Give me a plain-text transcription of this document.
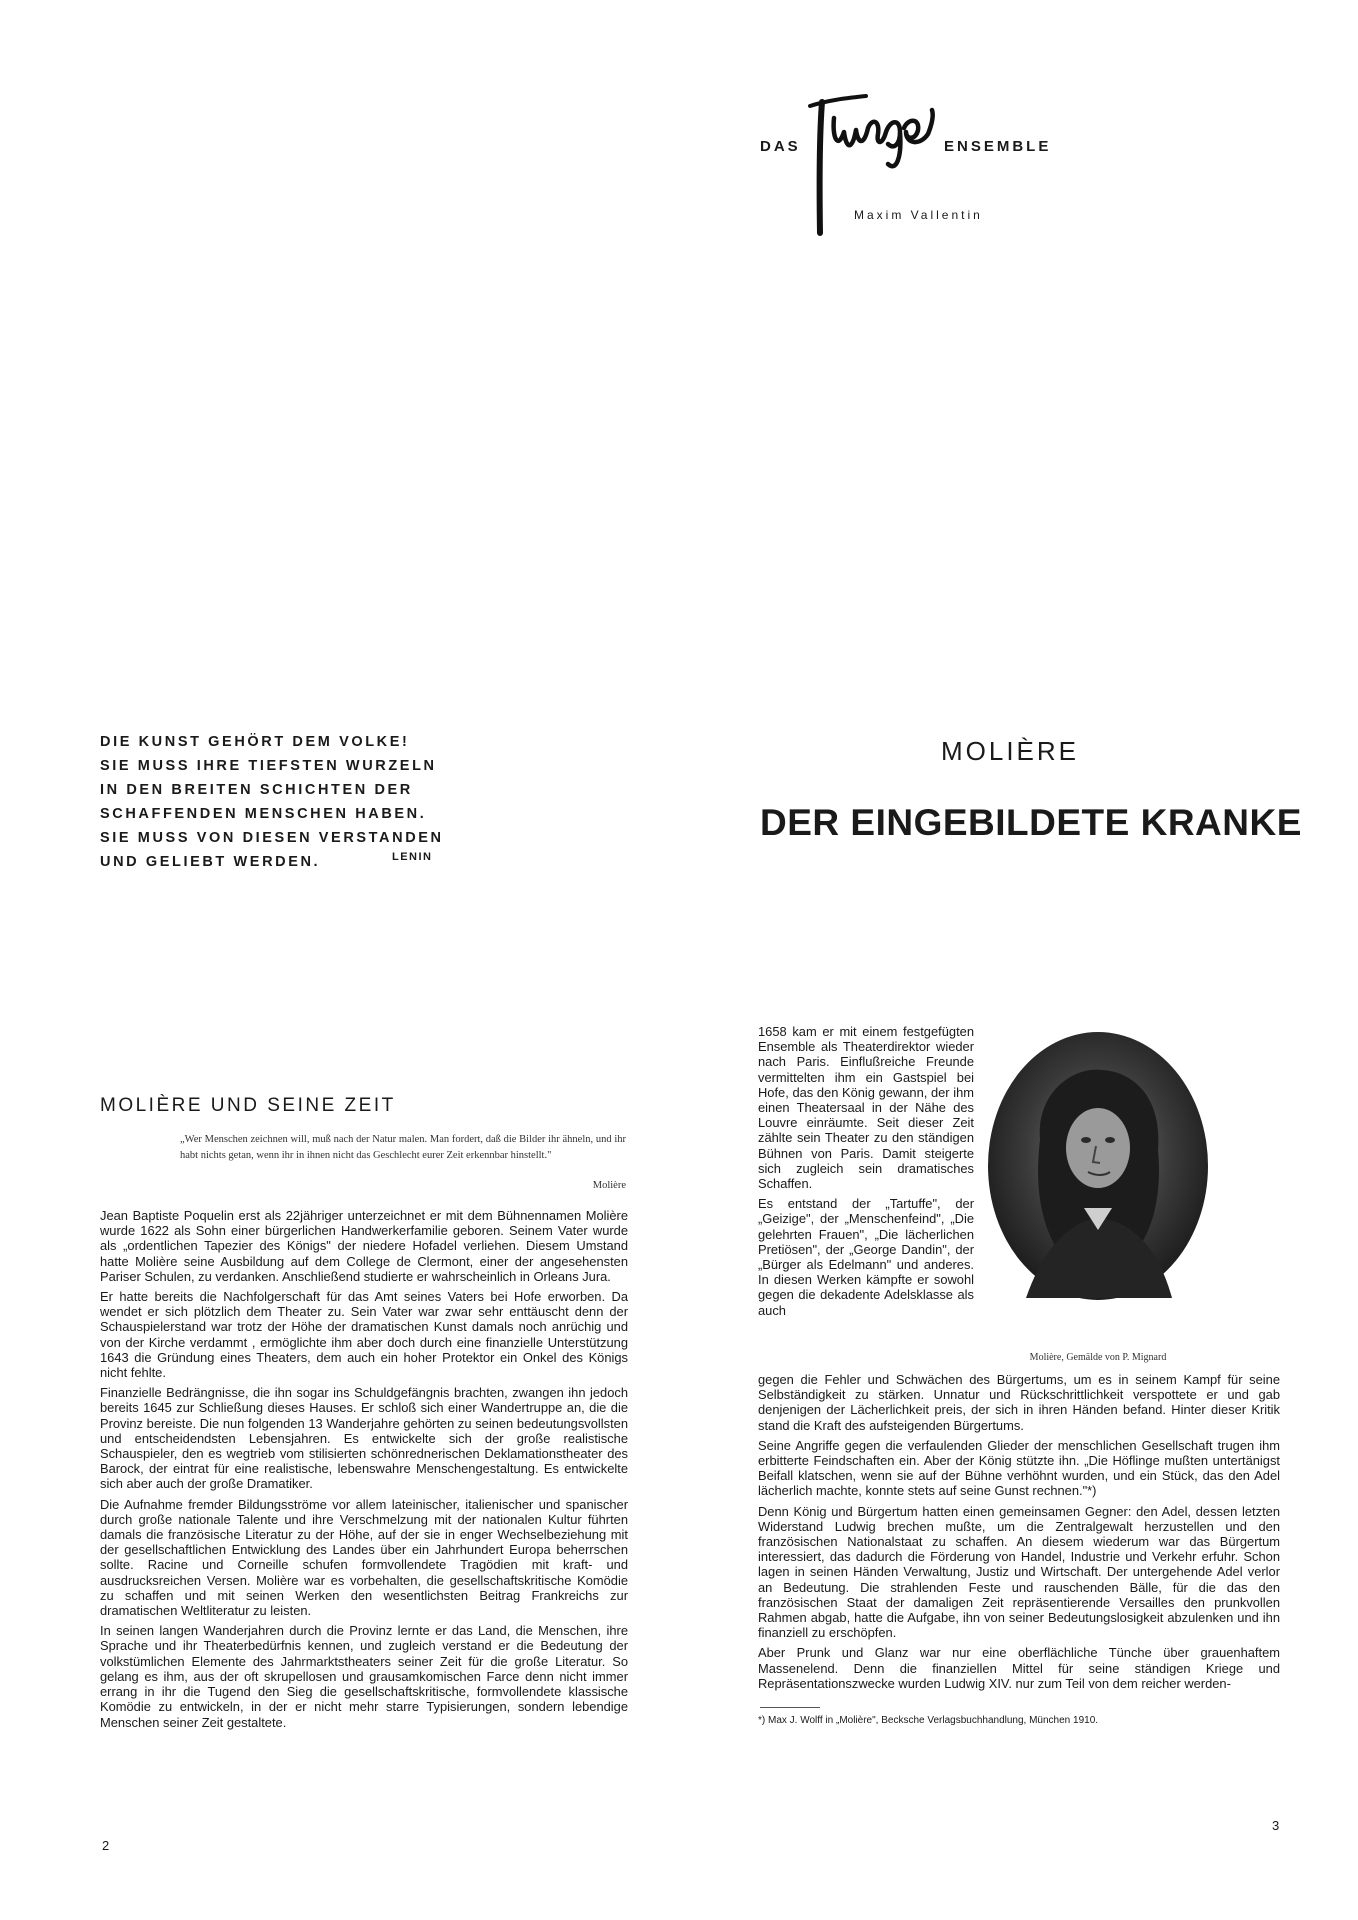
DAS	ENSEMBLE
Maxim Vallentin
DIE KUNST GEHÖRT DEM VOLKE!
SIE MUSS IHRE TIEFSTEN WURZELN
IN DEN BREITEN SCHICHTEN DER
SCHAFFENDEN MENSCHEN HABEN.
SIE MUSS VON DIESEN VERSTANDEN
UND GELIEBT WERDEN.	LENIN
MOLIÈRE
DER EINGEBILDETE KRANKE
MOLIÈRE UND SEINE ZEIT
„Wer Menschen zeichnen will, muß nach der Natur malen. Man fordert, daß die Bilder ihr ähneln, und ihr habt nichts getan, wenn ihr in ihnen nicht das Geschlecht eurer Zeit erkennbar hinstellt."
Molière

Jean Baptiste Poquelin erst als 22jähriger unterzeichnet er mit dem Bühnennamen Molière wurde 1622 als Sohn einer bürgerlichen Handwerkerfamilie geboren. Seinem Vater wurde als „ordentlichen Tapezier des Königs" der niedere Hofadel verliehen. Diesem Umstand hatte Molière seine Ausbildung auf dem College de Clermont, einer der angesehensten Pariser Schulen, zu verdanken. Anschließend studierte er wahrscheinlich in Orleans Jura.

Er hatte bereits die Nachfolgerschaft für das Amt seines Vaters bei Hofe erworben. Da wendet er sich plötzlich dem Theater zu. Sein Vater war zwar sehr enttäuscht denn der Schauspielerstand war trotz der Höhe der dramatischen Kunst damals noch anrüchig und von der Kirche verdammt , ermöglichte ihm aber doch durch eine finanzielle Unterstützung 1643 die Gründung eines Theaters, dem auch ein hoher Protektor ein Onkel des Königs nicht fehlte.

Finanzielle Bedrängnisse, die ihn sogar ins Schuldgefängnis brachten, zwangen ihn jedoch bereits 1645 zur Schließung dieses Hauses. Er schloß sich einer Wandertruppe an, die die Provinz bereiste. Die nun folgenden 13 Wanderjahre gehörten zu seinen bedeutungsvollsten und entscheidendsten Lebensjahren. Es entwickelte sich der große realistische Schauspieler, den es wegtrieb vom stilisierten schönrednerischen Deklamationstheater des Barock, der eintrat für eine realistische, lebenswahre Menschengestaltung. Es entwickelte sich aber auch der große Dramatiker.

Die Aufnahme fremder Bildungsströme vor allem lateinischer, italienischer und spanischer durch große nationale Talente und ihre Verschmelzung mit der nationalen Kultur führten damals die französische Literatur zu der Höhe, auf der sie in enger Wechselbeziehung mit der gesellschaftlichen Entwicklung des Landes über ein Jahrhundert Europa beherrschen sollte. Racine und Corneille schufen formvollendete Tragödien mit kraft- und ausdrucksreichen Versen. Molière war es vorbehalten, die gesellschaftskritische Komödie zu schaffen und mit seinen Werken den wesentlichsten Beitrag Frankreichs zur dramatischen Weltliteratur zu leisten.

In seinen langen Wanderjahren durch die Provinz lernte er das Land, die Menschen, ihre Sprache und ihr Theaterbedürfnis kennen, und zugleich verstand er die Bedeutung der volkstümlichen Elemente des Jahrmarktstheaters seiner Zeit für die große Literatur. So gelang es ihm, aus der oft skrupellosen und grausamkomischen Farce denn nicht immer errang in ihr die Tugend den Sieg die gesellschaftskritische, formvollendete klassische Komödie zu entwickeln, in der er nicht mehr starre Typisierungen, sondern lebendige Menschen seiner Zeit gestaltete.

2

1658 kam er mit einem festgefügten Ensemble als Theaterdirektor wieder nach Paris. Einflußreiche Freunde vermittelten ihm ein Gastspiel bei Hofe, das den König gewann, der ihm einen Theatersaal in der Nähe des Louvre einräumte. Seit dieser Zeit zählte sein Theater zu den ständigen Bühnen von Paris. Damit steigerte sich zugleich sein dramatisches Schaffen.

Es entstand der „Tartuffe", der „Geizige", der „Menschenfeind", „Die gelehrten Frauen", „Die lächerlichen Pretiösen", der „George Dandin", der „Bürger als Edelmann" und anderes. In diesen Werken kämpfte er sowohl gegen die dekadente Adelsklasse als auch

Molière, Gemälde von P. Mignard

gegen die Fehler und Schwächen des Bürgertums, um es in seinem Kampf für seine Selbständigkeit zu stärken. Unnatur und Rückschrittlichkeit verspottete er und gab denjenigen der Lächerlichkeit preis, der sich in ihren Händen befand. Hinter dieser Kritik stand die Kraft des aufsteigenden Bürgertums.

Seine Angriffe gegen die verfaulenden Glieder der menschlichen Gesellschaft trugen ihm erbitterte Feindschaften ein. Aber der König stützte ihn. „Die Höflinge mußten untertänigst Beifall klatschen, wenn sie auf der Bühne verhöhnt wurden, und ein Stück, das den Adel lächerlich machte, konnte stets auf seine Gunst rechnen."*)

Denn König und Bürgertum hatten einen gemeinsamen Gegner: den Adel, dessen letzten Widerstand Ludwig brechen mußte, um die Zentralgewalt herzustellen und den französischen Nationalstaat zu schaffen. An diesem wiederum war das Bürgertum interessiert, das dadurch die Förderung von Handel, Industrie und Verkehr erfuhr. Schon lagen in seinen Händen Verwaltung, Justiz und Wirtschaft. Der untergehende Adel verlor an Bedeutung. Die strahlenden Feste und rauschenden Bälle, für die das den französischen Staat der damaligen Zeit repräsentierende Versailles den prunkvollen Rahmen abgab, hatte die Aufgabe, ihn von seiner Bedeutungslosigkeit abzulenken und ihn finanziell zu erschöpfen.

Aber Prunk und Glanz war nur eine oberflächliche Tünche über grauenhaftem Massenelend. Denn die finanziellen Mittel für seine ständigen Kriege und Repräsentationszwecke wurden Ludwig XIV. nur zum Teil von dem reicher werden-

*) Max J. Wolff in „Molière", Becksche Verlagsbuchhandlung, München 1910.
3
